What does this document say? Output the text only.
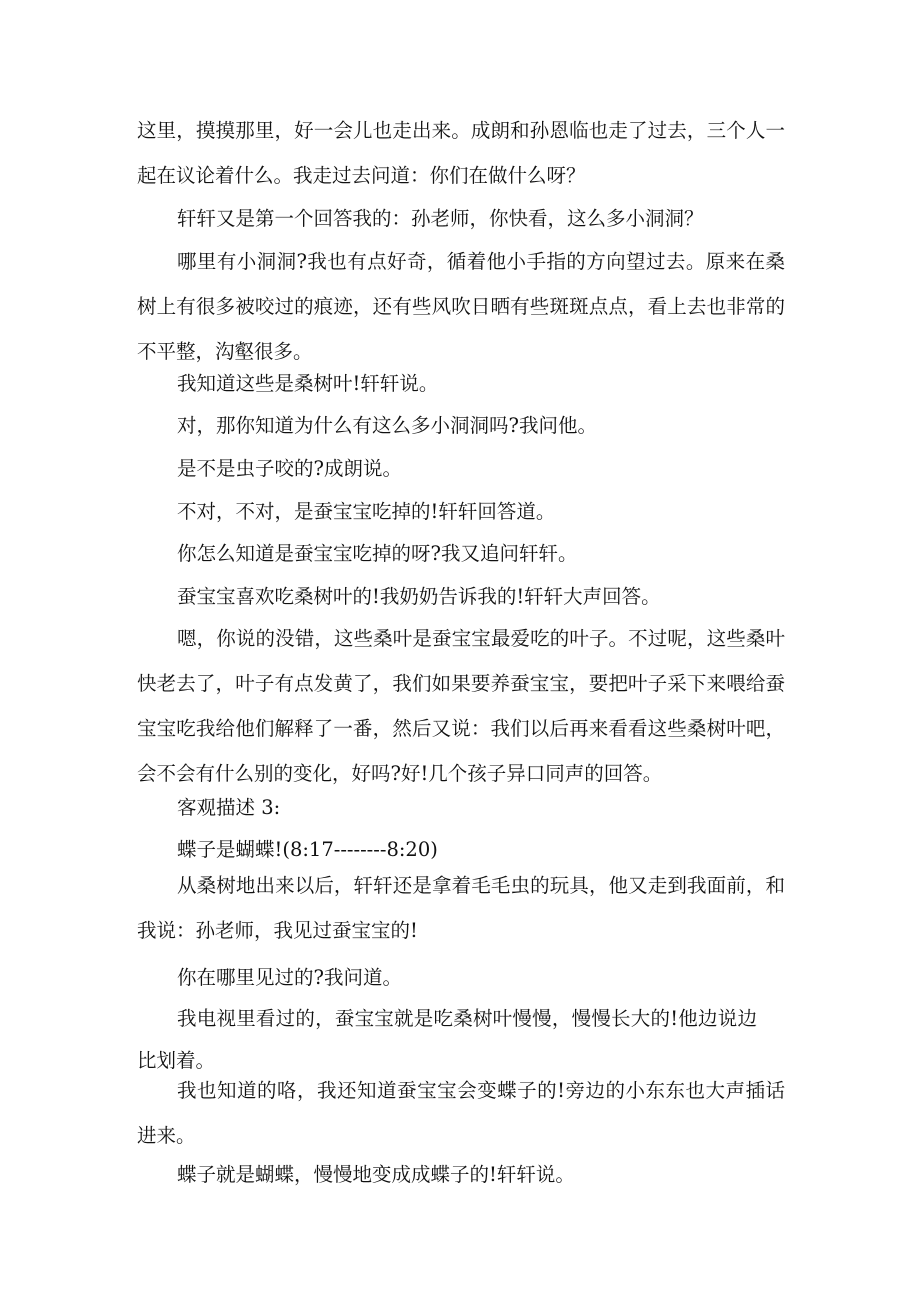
这里，摸摸那里，好一会儿也走出来。成朗和孙恩临也走了过去，三个人一起在议论着什么。我走过去问道：你们在做什么呀？

轩轩又是第一个回答我的：孙老师，你快看，这么多小洞洞？

哪里有小洞洞?我也有点好奇，循着他小手指的方向望过去。原来在桑树上有很多被咬过的痕迹，还有些风吹日晒有些斑斑点点，看上去也非常的不平整，沟壑很多。

我知道这些是桑树叶!轩轩说。

对，那你知道为什么有这么多小洞洞吗?我问他。

是不是虫子咬的?成朗说。

不对，不对，是蚕宝宝吃掉的!轩轩回答道。

你怎么知道是蚕宝宝吃掉的呀?我又追问轩轩。

蚕宝宝喜欢吃桑树叶的!我奶奶告诉我的!轩轩大声回答。

嗯，你说的没错，这些桑叶是蚕宝宝最爱吃的叶子。不过呢，这些桑叶快老去了，叶子有点发黄了，我们如果要养蚕宝宝，要把叶子采下来喂给蚕宝宝吃我给他们解释了一番，然后又说：我们以后再来看看这些桑树叶吧，会不会有什么别的变化，好吗?好!几个孩子异口同声的回答。

客观描述 3:

蝶子是蝴蝶!(8:17--------8:20)

从桑树地出来以后，轩轩还是拿着毛毛虫的玩具，他又走到我面前，和我说：孙老师，我见过蚕宝宝的!

你在哪里见过的?我问道。

我电视里看过的，蚕宝宝就是吃桑树叶慢慢，慢慢长大的!他边说边比划着。

我也知道的咯，我还知道蚕宝宝会变蝶子的!旁边的小东东也大声插话进来。

蝶子就是蝴蝶，慢慢地变成成蝶子的!轩轩说。
